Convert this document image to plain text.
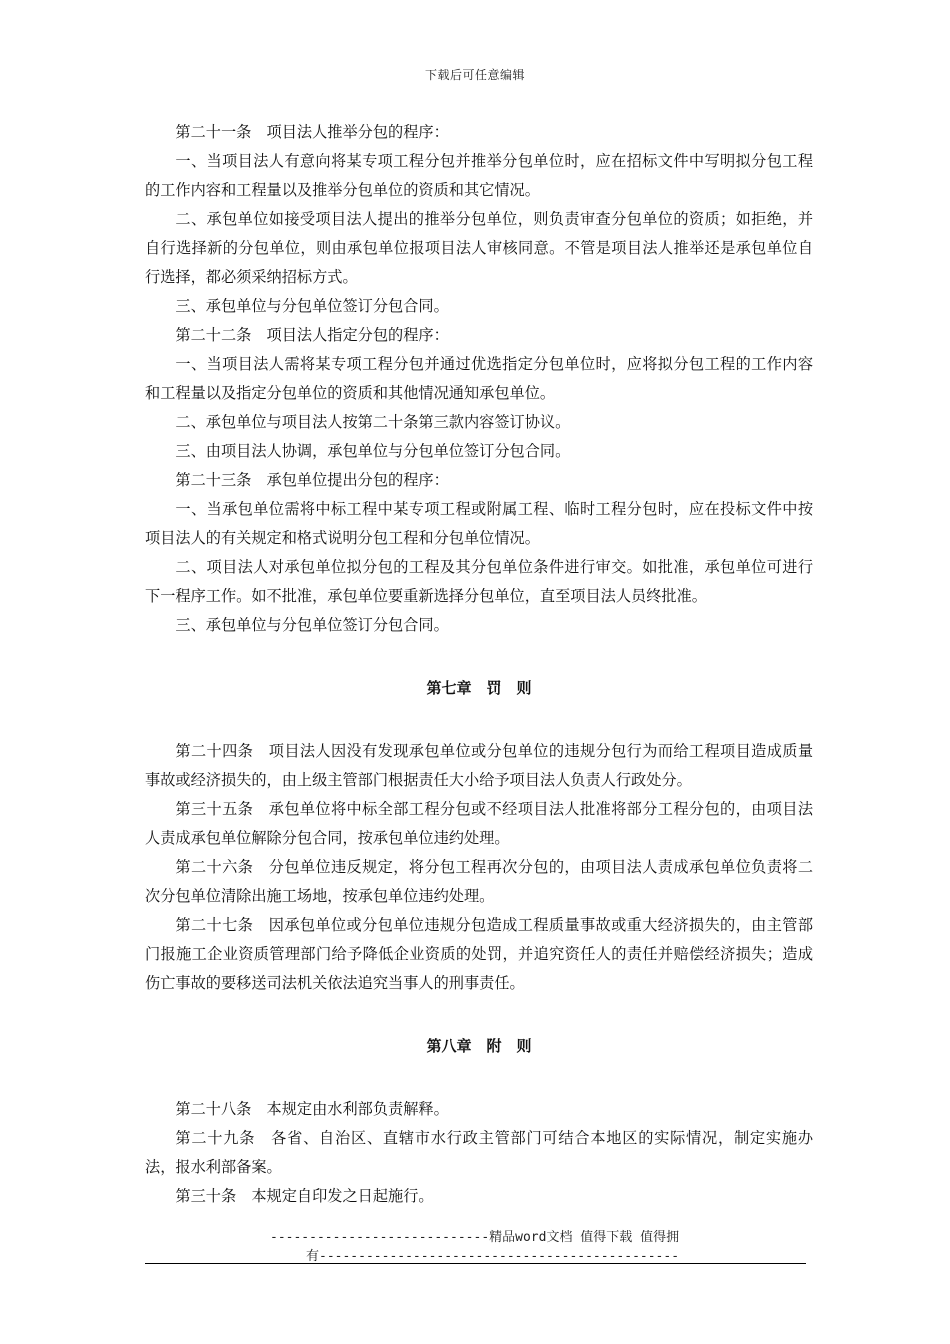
下载后可任意编辑

第二十一条　项目法人推举分包的程序：

一、当项目法人有意向将某专项工程分包并推举分包单位时，应在招标文件中写明拟分包工程的工作内容和工程量以及推举分包单位的资质和其它情况。

二、承包单位如接受项目法人提出的推举分包单位，则负责审查分包单位的资质；如拒绝，并自行选择新的分包单位，则由承包单位报项目法人审核同意。不管是项目法人推举还是承包单位自行选择，都必须采纳招标方式。

三、承包单位与分包单位签订分包合同。

第二十二条　项目法人指定分包的程序：

一、当项目法人需将某专项工程分包并通过优选指定分包单位时，应将拟分包工程的工作内容和工程量以及指定分包单位的资质和其他情况通知承包单位。

二、承包单位与项目法人按第二十条第三款内容签订协议。

三、由项目法人协调，承包单位与分包单位签订分包合同。

第二十三条　承包单位提出分包的程序：

一、当承包单位需将中标工程中某专项工程或附属工程、临时工程分包时，应在投标文件中按项目法人的有关规定和格式说明分包工程和分包单位情况。

二、项目法人对承包单位拟分包的工程及其分包单位条件进行审交。如批准，承包单位可进行下一程序工作。如不批准，承包单位要重新选择分包单位，直至项目法人员终批准。

三、承包单位与分包单位签订分包合同。

第七章　罚　则

第二十四条　项目法人因没有发现承包单位或分包单位的违规分包行为而给工程项目造成质量事故或经济损失的，由上级主管部门根据责任大小给予项目法人负责人行政处分。

第三十五条　承包单位将中标全部工程分包或不经项目法人批准将部分工程分包的，由项目法人责成承包单位解除分包合同，按承包单位违约处理。

第二十六条　分包单位违反规定，将分包工程再次分包的，由项目法人责成承包单位负责将二次分包单位清除出施工场地，按承包单位违约处理。

第二十七条　因承包单位或分包单位违规分包造成工程质量事故或重大经济损失的，由主管部门报施工企业资质管理部门给予降低企业资质的处罚，并追究资任人的责任并赔偿经济损失；造成伤亡事故的要移送司法机关依法追究当事人的刑事责任。

第八章　附　则

第二十八条　本规定由水利部负责解释。

第二十九条　各省、自治区、直辖市水行政主管部门可结合本地区的实际情况，制定实施办法，报水利部备案。

第三十条　本规定自印发之日起施行。

----------------------------精品word文档 值得下载 值得拥
有----------------------------------------------
